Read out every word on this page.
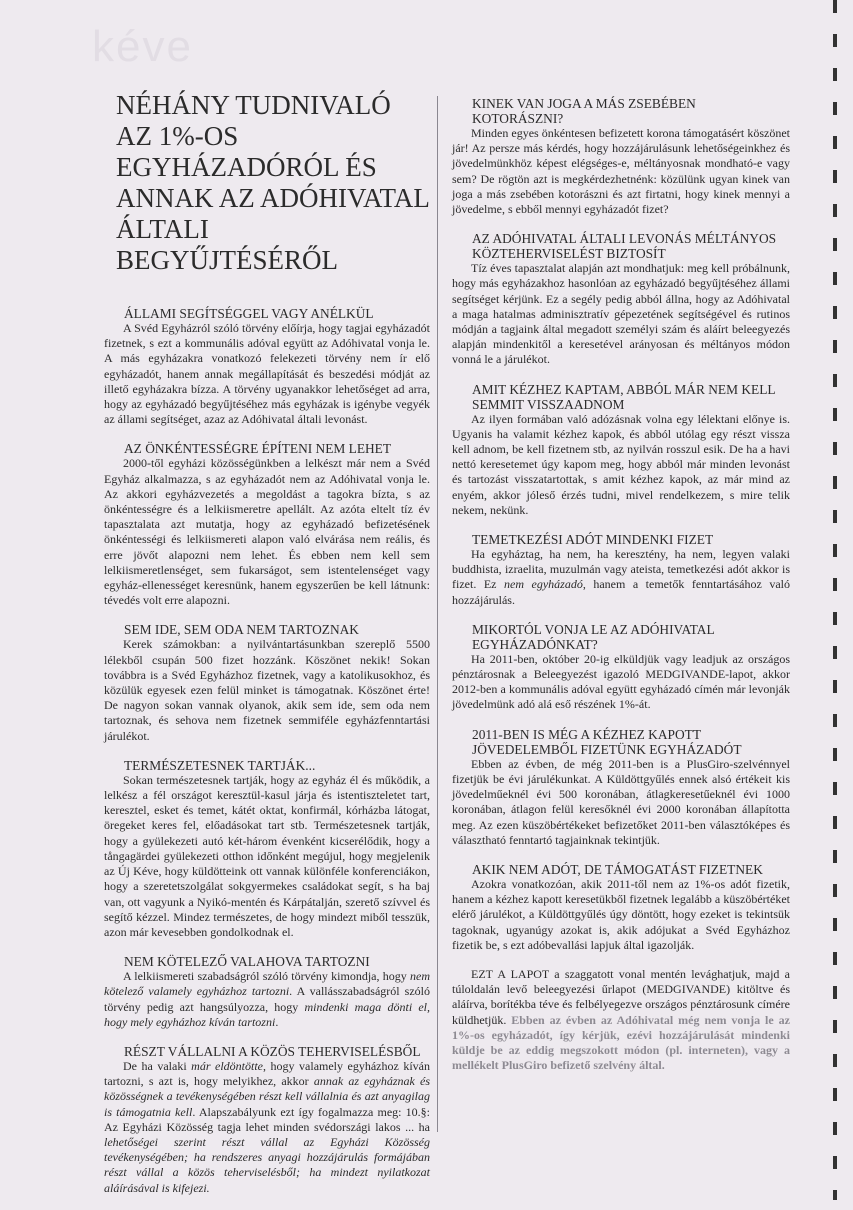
kéve
NÉHÁNY TUDNIVALÓ AZ 1%-OS EGYHÁZADÓRÓL ÉS ANNAK AZ ADÓHIVATAL ÁLTALI BEGYŰJTÉSÉRŐL
ÁLLAMI SEGÍTSÉGGEL VAGY ANÉLKÜL

A Svéd Egyházról szóló törvény előírja, hogy tagjai egyházadót fizetnek, s ezt a kommunális adóval együtt az Adóhivatal vonja le. A más egyházakra vonatkozó felekezeti törvény nem ír elő egyházadót, hanem annak megállapítását és beszedési módját az illető egyházakra bízza. A törvény ugyanakkor lehetőséget ad arra, hogy az egyházadó begyűjtéséhez más egyházak is igénybe vegyék az állami segítséget, azaz az Adóhivatal általi levonást.

AZ ÖNKÉNTESSÉGRE ÉPÍTENI NEM LEHET

2000-től egyházi közösségünkben a lelkészt már nem a Svéd Egyház alkalmazza, s az egyházadót nem az Adóhivatal vonja le. Az akkori egyházvezetés a megoldást a tagokra bízta, s az önkéntességre és a lelkiismeretre apellált. Az azóta eltelt tíz év tapasztalata azt mutatja, hogy az egyházadó befizetésének önkéntességi és lelkiismereti alapon való elvárása nem reális, és erre jövőt alapozni nem lehet. És ebben nem kell sem lelkiismeretlenséget, sem fukarságot, sem istentelenséget vagy egyház-ellenességet keresnünk, hanem egyszerűen be kell látnunk: tévedés volt erre alapozni.

SEM IDE, SEM ODA NEM TARTOZNAK

Kerek számokban: a nyilvántartásunkban szereplő 5500 lélekből csupán 500 fizet hozzánk. Köszönet nekik! Sokan továbbra is a Svéd Egyházhoz fizetnek, vagy a katolikusokhoz, és közülük egyesek ezen felül minket is támogatnak. Köszönet érte! De nagyon sokan vannak olyanok, akik sem ide, sem oda nem tartoznak, és sehova nem fizetnek semmiféle egyházfenntartási járulékot.

TERMÉSZETESNEK TARTJÁK...

Sokan természetesnek tartják, hogy az egyház él és működik, a lelkész a fél országot keresztül-kasul járja és istentiszteletet tart, keresztel, esket és temet, kátét oktat, konfirmál, kórházba látogat, öregeket keres fel, előadásokat tart stb. Természetesnek tartják, hogy a gyülekezeti autó két-három évenként kicserélődik, hogy a tångagärdei gyülekezeti otthon időnként megújul, hogy megjelenik az Új Kéve, hogy küldötteink ott vannak különféle konferenciákon, hogy a szeretetszolgálat sokgyermekes családokat segít, s ha baj van, ott vagyunk a Nyikó-mentén és Kárpátalján, szerető szívvel és segítő kézzel. Mindez természetes, de hogy mindezt miből tesszük, azon már kevesebben gondolkodnak el.

NEM KÖTELEZŐ VALAHOVA TARTOZNI

A lelkiismereti szabadságról szóló törvény kimondja, hogy nem kötelező valamely egyházhoz tartozni. A vallásszabadságról szóló törvény pedig azt hangsúlyozza, hogy mindenki maga dönti el, hogy mely egyházhoz kíván tartozni.

RÉSZT VÁLLALNI A KÖZÖS TEHERVISELÉSBŐL

De ha valaki már eldöntötte, hogy valamely egyházhoz kíván tartozni, s azt is, hogy melyikhez, akkor annak az egyháznak és közösségnek a tevékenységében részt kell vállalnia és azt anyagilag is támogatnia kell. Alapszabályunk ezt így fogalmazza meg: 10.§: Az Egyházi Közösség tagja lehet minden svédországi lakos ... ha lehetőségei szerint részt vállal az Egyházi Közösség tevékenységében; ha rendszeres anyagi hozzájárulás formájában részt vállal a közös teherviselésből; ha mindezt nyilatkozat aláírásával is kifejezi.

KINEK VAN JOGA A MÁS ZSEBÉBEN KOTORÁSZNI?

Minden egyes önkéntesen befizetett korona támogatásért köszönet jár! Az persze más kérdés, hogy hozzájárulásunk lehetőségeinkhez és jövedelmünkhöz képest elégséges-e, méltányosnak mondható-e vagy sem? De rögtön azt is megkérdezhetnénk: közülünk ugyan kinek van joga a más zsebében kotorászni és azt firtatni, hogy kinek mennyi a jövedelme, s ebből mennyi egyházadót fizet?

AZ ADÓHIVATAL ÁLTALI LEVONÁS MÉLTÁNYOS KÖZTEHERVISELÉST BIZTOSÍT

Tíz éves tapasztalat alapján azt mondhatjuk: meg kell próbálnunk, hogy más egyházakhoz hasonlóan az egyházadó begyűjtéséhez állami segítséget kérjünk. Ez a segély pedig abból állna, hogy az Adóhivatal a maga hatalmas adminisztratív gépezetének segítségével és rutinos módján a tagjaink által megadott személyi szám és aláírt beleegyezés alapján mindenkitől a keresetével arányosan és méltányos módon vonná le a járulékot.

AMIT KÉZHEZ KAPTAM, ABBÓL MÁR NEM KELL SEMMIT VISSZAADNOM

Az ilyen formában való adózásnak volna egy lélektani előnye is. Ugyanis ha valamit kézhez kapok, és abból utólag egy részt vissza kell adnom, be kell fizetnem stb, az nyilván rosszul esik. De ha a havi nettó keresetemet úgy kapom meg, hogy abból már minden levonást és tartozást visszatartottak, s amit kézhez kapok, az már mind az enyém, akkor jóleső érzés tudni, mivel rendelkezem, s mire telik nekem, nekünk.

TEMETKEZÉSI ADÓT MINDENKI FIZET

Ha egyháztag, ha nem, ha keresztény, ha nem, legyen valaki buddhista, izraelita, muzulmán vagy ateista, temetkezési adót akkor is fizet. Ez nem egyházadó, hanem a temetők fenntartásához való hozzájárulás.

MIKORTÓL VONJA LE AZ ADÓHIVATAL EGYHÁZADÓNKAT?

Ha 2011-ben, október 20-ig elküldjük vagy leadjuk az országos pénztárosnak a Beleegyezést igazoló MEDGIVANDE-lapot, akkor 2012-ben a kommunális adóval együtt egyházadó címén már levonják jövedelmünk adó alá eső részének 1%-át.

2011-BEN IS MÉG A KÉZHEZ KAPOTT JÖVEDELEMBŐL FIZETÜNK EGYHÁZADÓT

Ebben az évben, de még 2011-ben is a PlusGiro-szelvénnyel fizetjük be évi járulékunkat. A Küldöttgyűlés ennek alsó értékeit kis jövedelműeknél évi 500 koronában, átlagkeresetűeknél évi 1000 koronában, átlagon felül keresőknél évi 2000 koronában állapította meg. Az ezen küszöbértékeket befizetőket 2011-ben választóképes és választható fenntartó tagjainknak tekintjük.

AKIK NEM ADÓT, DE TÁMOGATÁST FIZETNEK

Azokra vonatkozóan, akik 2011-től nem az 1%-os adót fizetik, hanem a kézhez kapott keresetükből fizetnek legalább a küszöbértéket elérő járulékot, a Küldöttgyűlés úgy döntött, hogy ezeket is tekintsük tagoknak, ugyanúgy azokat is, akik adójukat a Svéd Egyházhoz fizetik be, s ezt adóbevallási lapjuk által igazolják.

EZT A LAPOT a szaggatott vonal mentén levághatjuk, majd a túloldalán levő beleegyezési űrlapot (MEDGIVANDE) kitöltve és aláírva, borítékba téve és felbélyegezve országos pénztárosunk címére küldhetjük. Ebben az évben az Adóhivatal még nem vonja le az 1%-os egyházadót, így kérjük, ezévi hozzájárulását mindenki küldje be az eddig megszokott módon (pl. interneten), vagy a mellékelt PlusGiro befizető szelvény által.
